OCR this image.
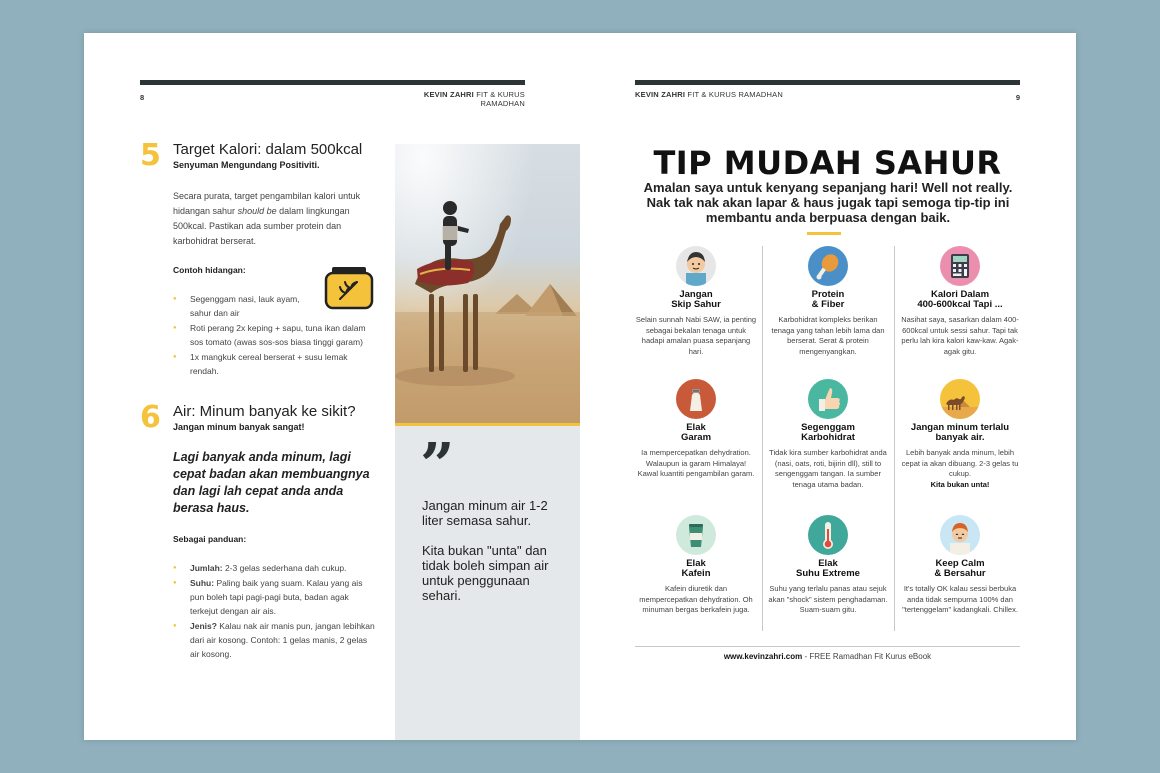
8	KEVIN ZAHRI FIT & KURUS RAMADHAN
5 Target Kalori: dalam 500kcal
Senyuman Mengundang Positiviti.
Secara purata, target pengambilan kalori untuk hidangan sahur should be dalam lingkungan 500kcal. Pastikan ada sumber protein dan karbohidrat berserat.
Contoh hidangan:
● Segenggam nasi, lauk ayam, sahur dan air
● Roti perang 2x keping + sapu, tuna ikan dalam sos tomato (awas sos-sos biasa tinggi garam)
● 1x mangkuk cereal berserat + susu lemak rendah.
6 Air: Minum banyak ke sikit?
Jangan minum banyak sangat!
Lagi banyak anda minum, lagi cepat badan akan membuangnya dan lagi lah cepat anda anda berasa haus.
Sebagai panduan:
● Jumlah: 2-3 gelas sederhana dah cukup.
● Suhu: Paling baik yang suam. Kalau yang ais pun boleh tapi pagi-pagi buta, badan agak terkejut dengan air ais.
● Jenis? Kalau nak air manis pun, jangan lebihkan dari air kosong. Contoh: 1 gelas manis, 2 gelas air kosong.
”
Jangan minum air 1-2 liter semasa sahur.

Kita bukan "unta" dan tidak boleh simpan air untuk penggunaan sehari.
KEVIN ZAHRI FIT & KURUS RAMADHAN	9
TIP MUDAH SAHUR
Amalan saya untuk kenyang sepanjang hari! Well not really. Nak tak nak akan lapar & haus jugak tapi semoga tip-tip ini membantu anda berpuasa dengan baik.
Jangan
Skip Sahur
Selain sunnah Nabi SAW, ia penting sebagai bekalan tenaga untuk hadapi amalan puasa sepanjang hari.
Protein
& Fiber
Karbohidrat kompleks berikan tenaga yang tahan lebih lama dan berserat. Serat & protein mengenyangkan.
Kalori Dalam
400-600kcal Tapi ...
Nasihat saya, sasarkan dalam 400-600kcal untuk sessi sahur. Tapi tak perlu lah kira kalori kaw-kaw. Agak-agak gitu.
Elak
Garam
Ia mempercepatkan dehydration. Walaupun ia garam Himalaya! Kawal kuantiti pengambilan garam.
Segenggam
Karbohidrat
Tidak kira sumber karbohidrat anda (nasi, oats, roti, bijirin dll), still to sengenggam tangan. Ia sumber tenaga utama badan.
Jangan minum terlalu
banyak air.
Lebih banyak anda minum, lebih cepat ia akan dibuang. 2-3 gelas tu cukup.
Kita bukan unta!
Elak
Kafein
Kafein diuretik dan mempercepatkan dehydration. Oh minuman bergas berkafein juga.
Elak
Suhu Extreme
Suhu yang terlalu panas atau sejuk akan "shock" sistem penghadaman. Suam-suam gitu.
Keep Calm
& Bersahur
It's totally OK kalau sessi berbuka anda tidak sempurna 100% dan "tertenggelam" kadangkali. Chillex.
www.kevinzahri.com - FREE Ramadhan Fit Kurus eBook
